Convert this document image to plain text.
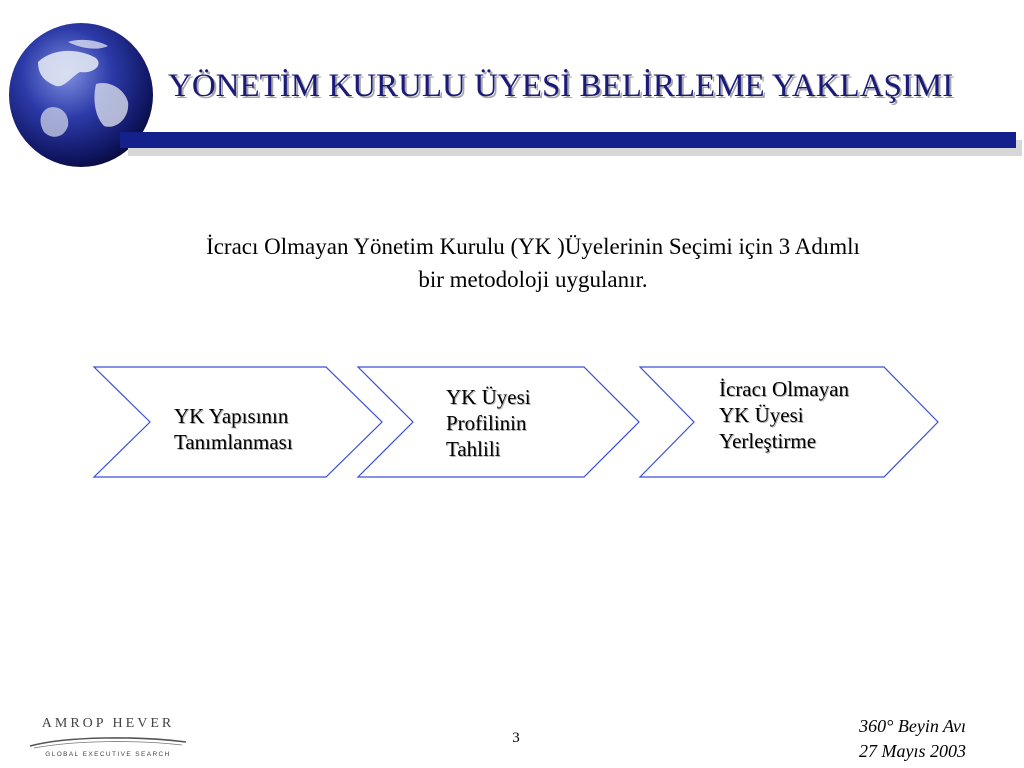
YÖNETİM KURULU ÜYESİ BELİRLEME YAKLAŞIMI
İcracı Olmayan Yönetim Kurulu (YK )Üyelerinin Seçimi için 3 Adımlı
bir metodoloji uygulanır.
YK Yapısının
Tanımlanması
YK Üyesi
Profilinin
Tahlili
İcracı Olmayan
YK Üyesi
Yerleştirme
AMROP HEVER
GLOBAL EXECUTIVE SEARCH
3
360° Beyin Avı
27 Mayıs 2003
